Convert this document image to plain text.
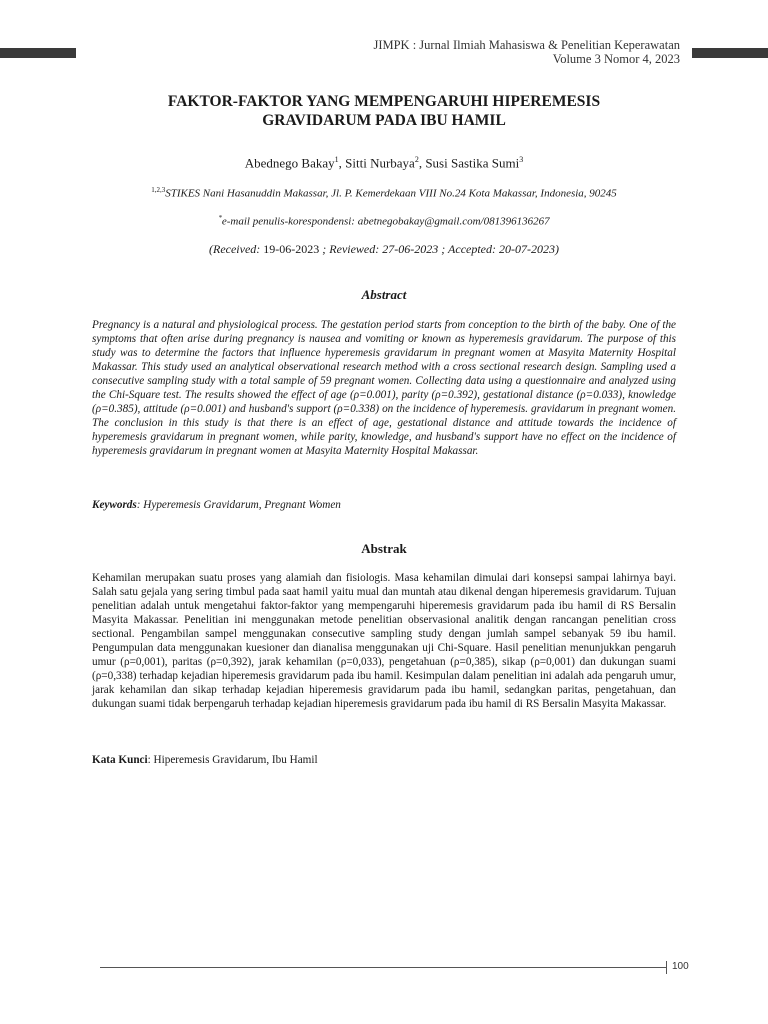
JIMPK : Jurnal Ilmiah Mahasiswa & Penelitian Keperawatan
Volume 3 Nomor 4, 2023
FAKTOR-FAKTOR YANG MEMPENGARUHI HIPEREMESIS
GRAVIDARUM PADA IBU HAMIL
Abednego Bakay$^1$, Sitti Nurbaya$^2$, Susi Sastika Sumi$^3$
$^{1,2,3}$STIKES Nani Hasanuddin Makassar, Jl. P. Kemerdekaan VIII No.24 Kota Makassar, Indonesia, 90245
*e-mail penulis-korespondensi: abetnegobakay@gmail.com/081396136267
(Received: 19-06-2023 ; Reviewed: 27-06-2023 ; Accepted: 20-07-2023)
Abstract

Pregnancy is a natural and physiological process. The gestation period starts from conception to the birth of the baby. One of the symptoms that often arise during pregnancy is nausea and vomiting or known as hyperemesis gravidarum. The purpose of this study was to determine the factors that influence hyperemesis gravidarum in pregnant women at Masyita Maternity Hospital Makassar. This study used an analytical observational research method with a cross sectional research design. Sampling used a consecutive sampling study with a total sample of 59 pregnant women. Collecting data using a questionnaire and analyzed using the Chi-Square test. The results showed the effect of age (ρ=0.001), parity (ρ=0.392), gestational distance (ρ=0.033), knowledge (ρ=0.385), attitude (ρ=0.001) and husband's support (ρ=0.338) on the incidence of hyperemesis. gravidarum in pregnant women. The conclusion in this study is that there is an effect of age, gestational distance and attitude towards the incidence of hyperemesis gravidarum in pregnant women, while parity, knowledge, and husband's support have no effect on the incidence of hyperemesis gravidarum in pregnant women at Masyita Maternity Hospital Makassar.

Keywords: Hyperemesis Gravidarum, Pregnant Women
Abstrak

Kehamilan merupakan suatu proses yang alamiah dan fisiologis. Masa kehamilan dimulai dari konsepsi sampai lahirnya bayi. Salah satu gejala yang sering timbul pada saat hamil yaitu mual dan muntah atau dikenal dengan hiperemesis gravidarum. Tujuan penelitian adalah untuk mengetahui faktor-faktor yang mempengaruhi hiperemesis gravidarum pada ibu hamil di RS Bersalin Masyita Makassar. Penelitian ini menggunakan metode penelitian observasional analitik dengan rancangan penelitian cross sectional. Pengambilan sampel menggunakan consecutive sampling study dengan jumlah sampel sebanyak 59 ibu hamil. Pengumpulan data menggunakan kuesioner dan dianalisa menggunakan uji Chi-Square. Hasil penelitian menunjukkan pengaruh umur (ρ=0,001), paritas (ρ=0,392), jarak kehamilan (ρ=0,033), pengetahuan (ρ=0,385), sikap (ρ=0,001) dan dukungan suami (ρ=0,338) terhadap kejadian hiperemesis gravidarum pada ibu hamil. Kesimpulan dalam penelitian ini adalah ada pengaruh umur, jarak kehamilan dan sikap terhadap kejadian hiperemesis gravidarum pada ibu hamil, sedangkan paritas, pengetahuan, dan dukungan suami tidak berpengaruh terhadap kejadian hiperemesis gravidarum pada ibu hamil di RS Bersalin Masyita Makassar.

Kata Kunci: Hiperemesis Gravidarum, Ibu Hamil
100
